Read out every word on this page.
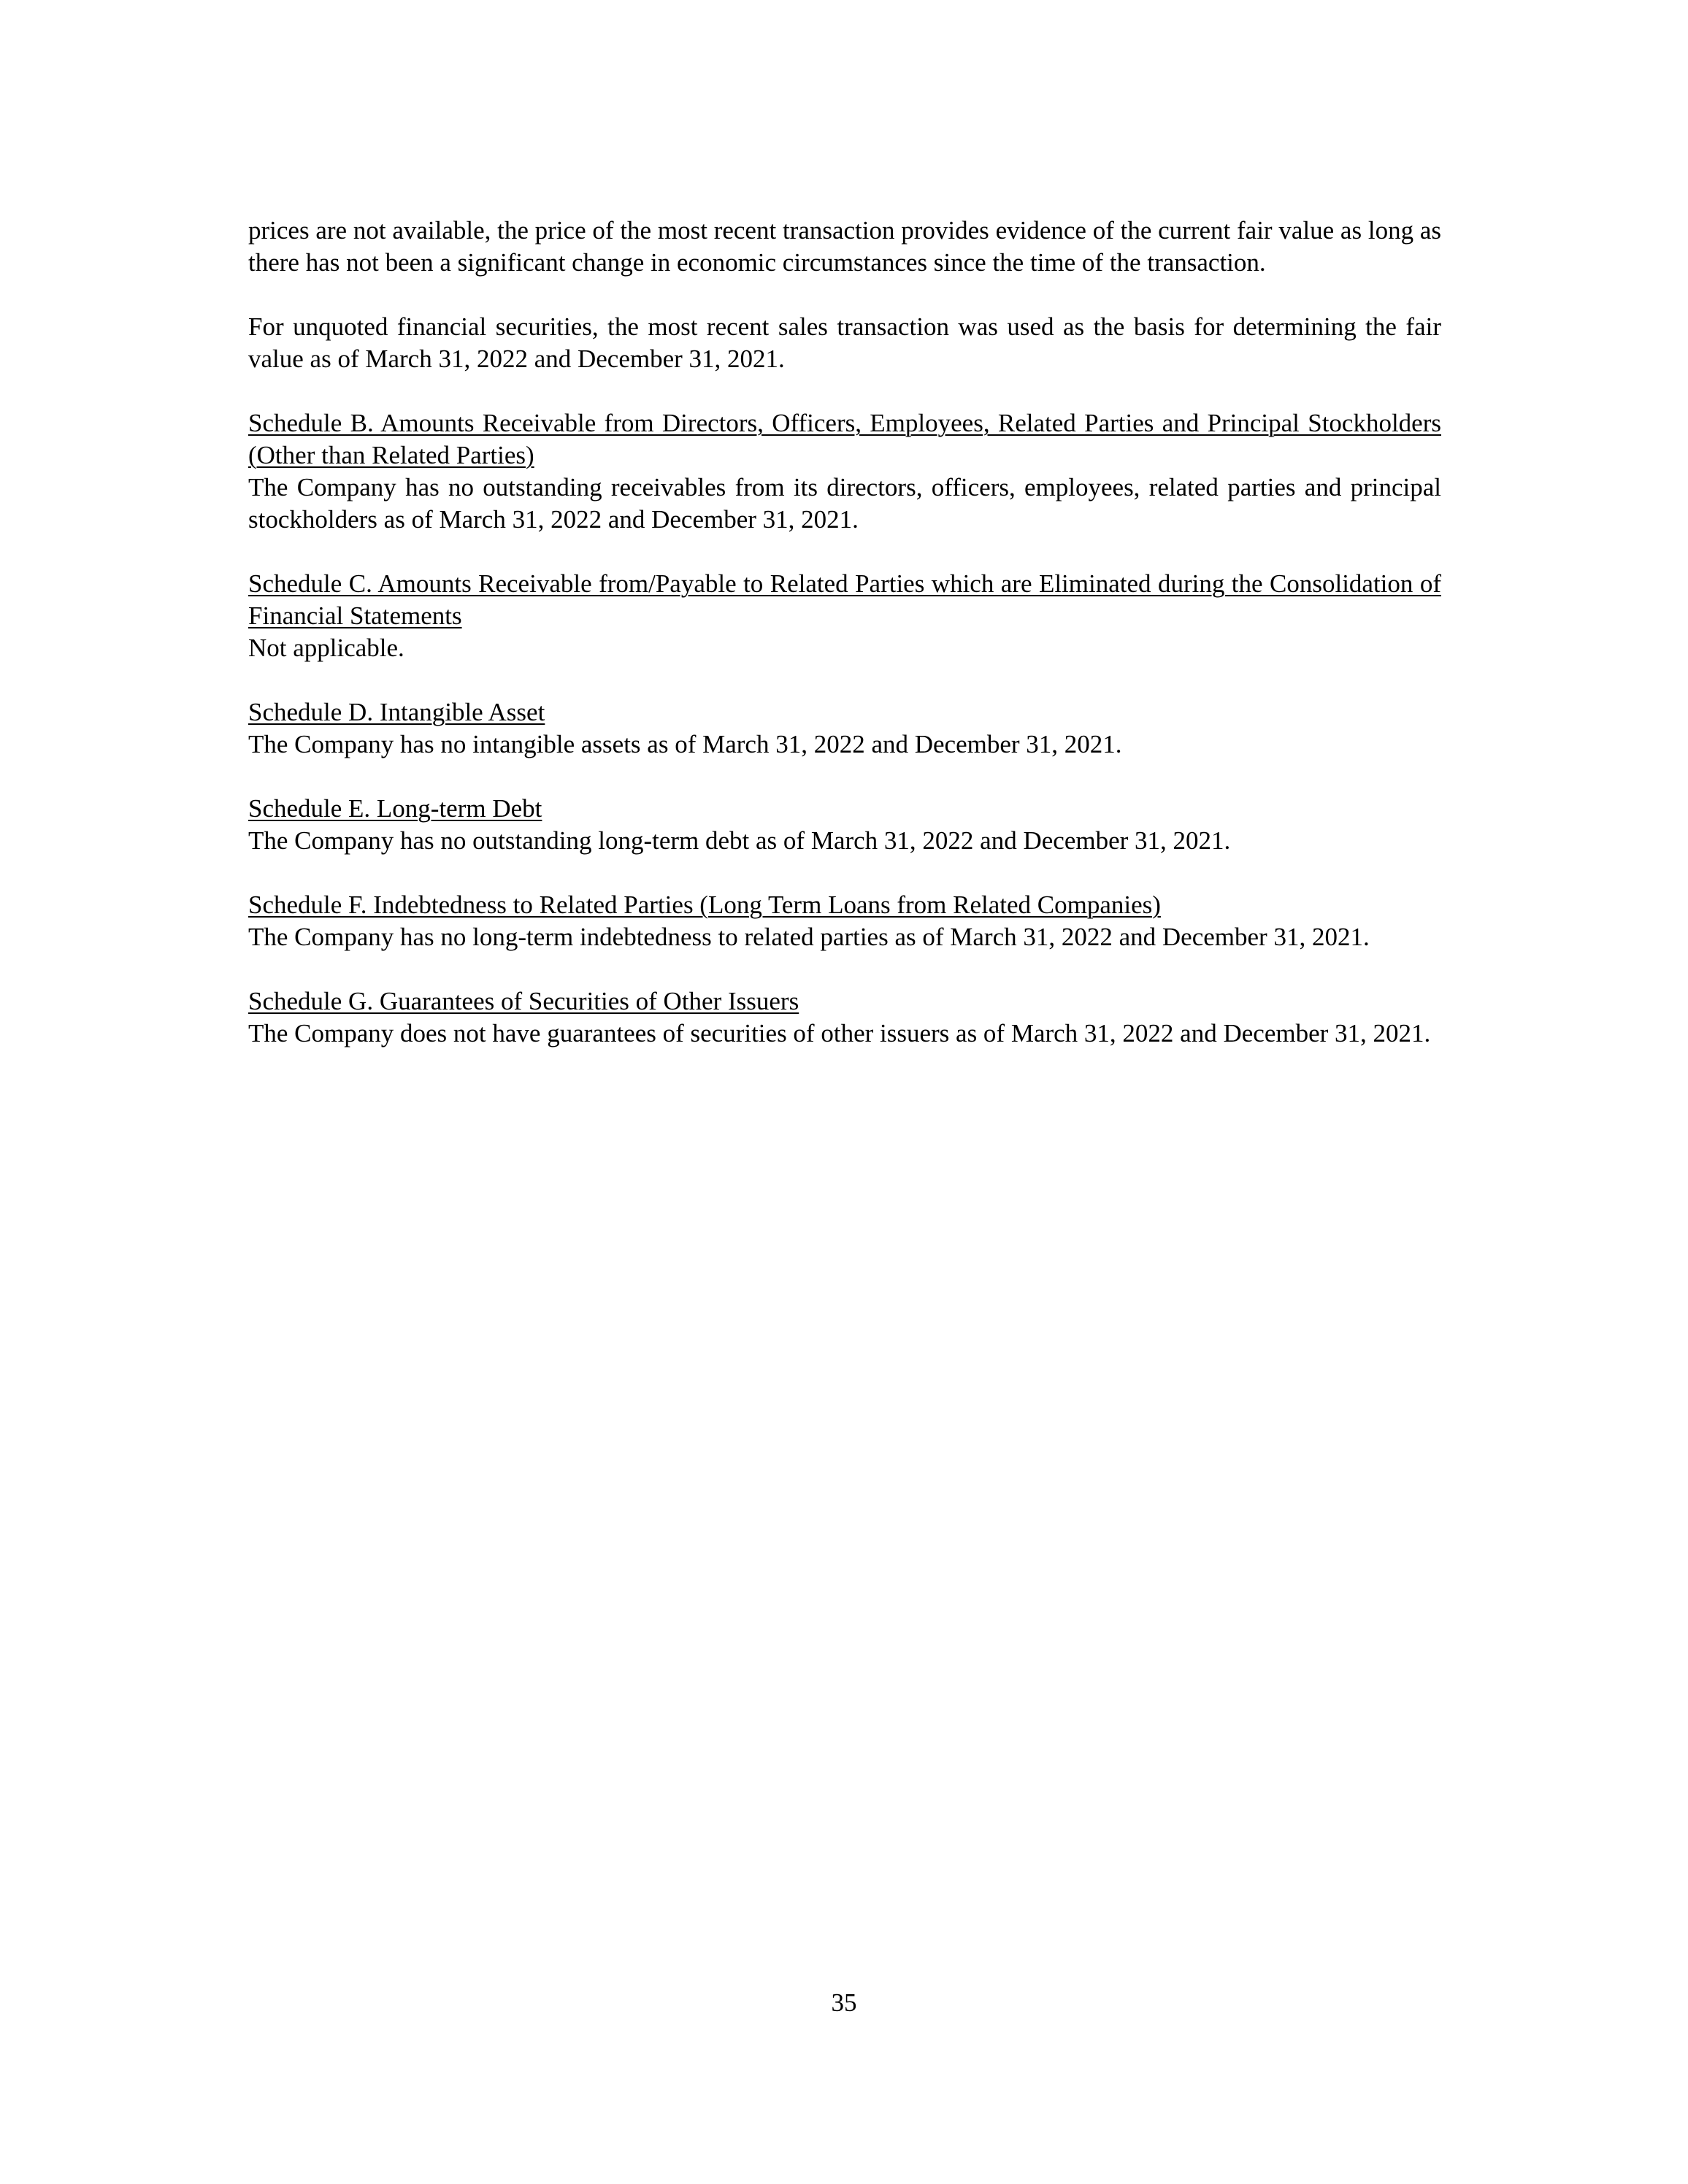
prices are not available, the price of the most recent transaction provides evidence of the current fair value as long as there has not been a significant change in economic circumstances since the time of the transaction.

For unquoted financial securities, the most recent sales transaction was used as the basis for determining the fair value as of March 31, 2022 and December 31, 2021.

Schedule B. Amounts Receivable from Directors, Officers, Employees, Related Parties and Principal Stockholders (Other than Related Parties)

The Company has no outstanding receivables from its directors, officers, employees, related parties and principal stockholders as of March 31, 2022 and December 31, 2021.

Schedule C. Amounts Receivable from/Payable to Related Parties which are Eliminated during the Consolidation of Financial Statements

Not applicable.

Schedule D. Intangible Asset

The Company has no intangible assets as of March 31, 2022 and December 31, 2021.

Schedule E. Long-term Debt

The Company has no outstanding long-term debt as of March 31, 2022 and December 31, 2021.

Schedule F. Indebtedness to Related Parties (Long Term Loans from Related Companies)

The Company has no long-term indebtedness to related parties as of March 31, 2022 and December 31, 2021.

Schedule G. Guarantees of Securities of Other Issuers

The Company does not have guarantees of securities of other issuers as of March 31, 2022 and December 31, 2021.

35
